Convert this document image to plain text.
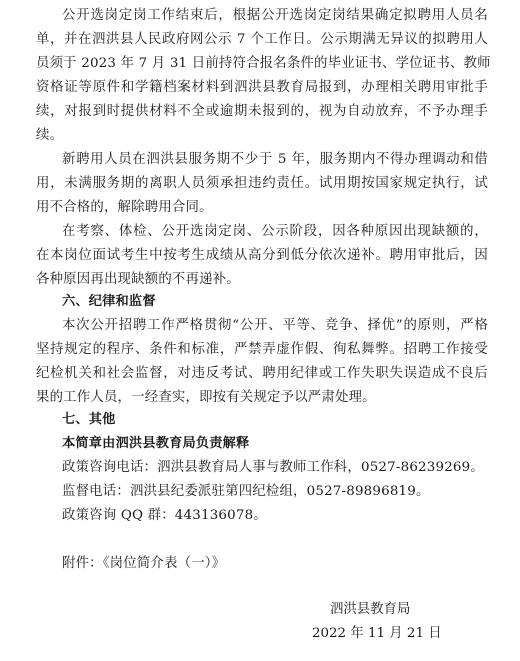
公开选岗定岗工作结束后，根据公开选岗定岗结果确定拟聘用人员名
单，并在泗洪县人民政府网公示 7 个工作日。公示期满无异议的拟聘用人
员须于 2023 年 7 月 31 日前持符合报名条件的毕业证书、学位证书、教师
资格证等原件和学籍档案材料到泗洪县教育局报到，办理相关聘用审批手
续，对报到时提供材料不全或逾期未报到的，视为自动放弃，不予办理手
续。
新聘用人员在泗洪县服务期不少于 5 年，服务期内不得办理调动和借
用，未满服务期的离职人员须承担违约责任。试用期按国家规定执行，试
用不合格的，解除聘用合同。
在考察、体检、公开选岗定岗、公示阶段，因各种原因出现缺额的，
在本岗位面试考生中按考生成绩从高分到低分依次递补。聘用审批后，因
各种原因再出现缺额的不再递补。
六、纪律和监督
本次公开招聘工作严格贯彻“公开、平等、竞争、择优”的原则，严格
坚持规定的程序、条件和标准，严禁弄虚作假、徇私舞弊。招聘工作接受
纪检机关和社会监督，对违反考试、聘用纪律或工作失职失误造成不良后
果的工作人员，一经查实，即按有关规定予以严肃处理。
七、其他
本简章由泗洪县教育局负责解释
政策咨询电话：泗洪县教育局人事与教师工作科，0527-86239269。
监督电话：泗洪县纪委派驻第四纪检组，0527-89896819。
政策咨询 QQ 群：443136078。
附件：《岗位简介表（一）》
泗洪县教育局
2022 年 11 月 21 日
